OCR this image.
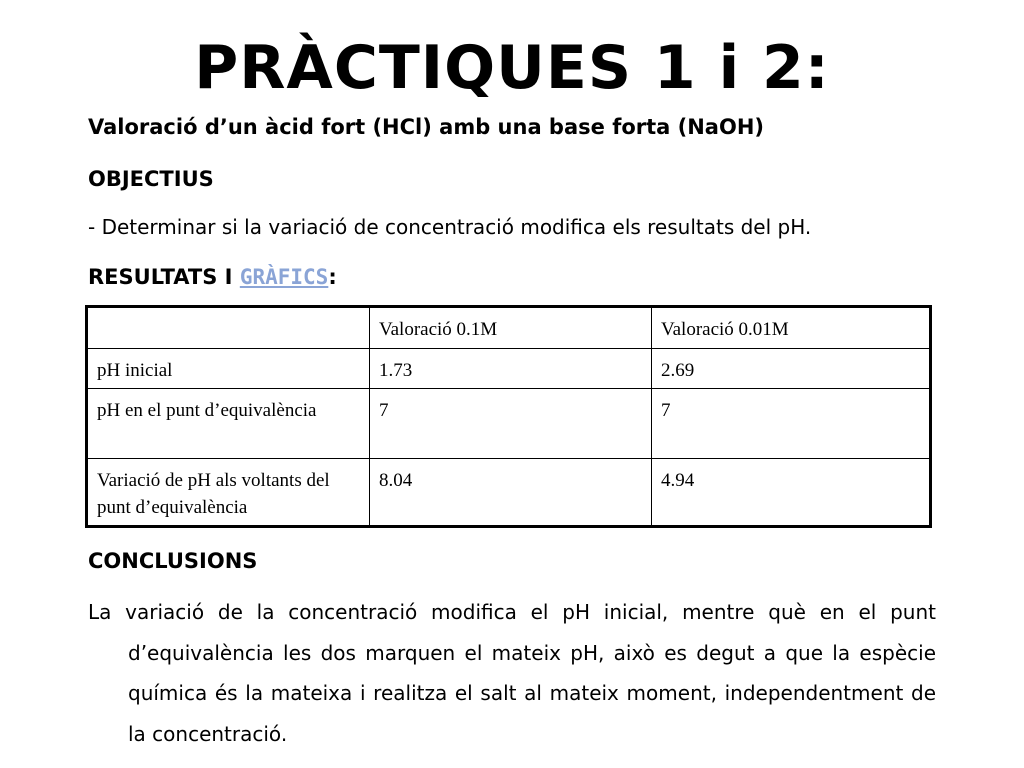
PRÀCTIQUES 1 i 2:
Valoració d’un àcid fort (HCl) amb una base forta (NaOH)
OBJECTIUS
- Determinar si la variació de concentració modifica els resultats del pH.
RESULTATS I GRÀFICS:
	Valoració 0.1M	Valoració 0.01M
pH inicial	1.73	2.69
pH en el punt d’equivalència	7	7
Variació de pH als voltants del punt d’equivalència	8.04	4.94
CONCLUSIONS
La variació de la concentració modifica el pH inicial, mentre què en el punt d’equivalència les dos marquen el mateix pH, això es degut a que la espècie química és la mateixa i realitza el salt al mateix moment, independentment de la concentració.
